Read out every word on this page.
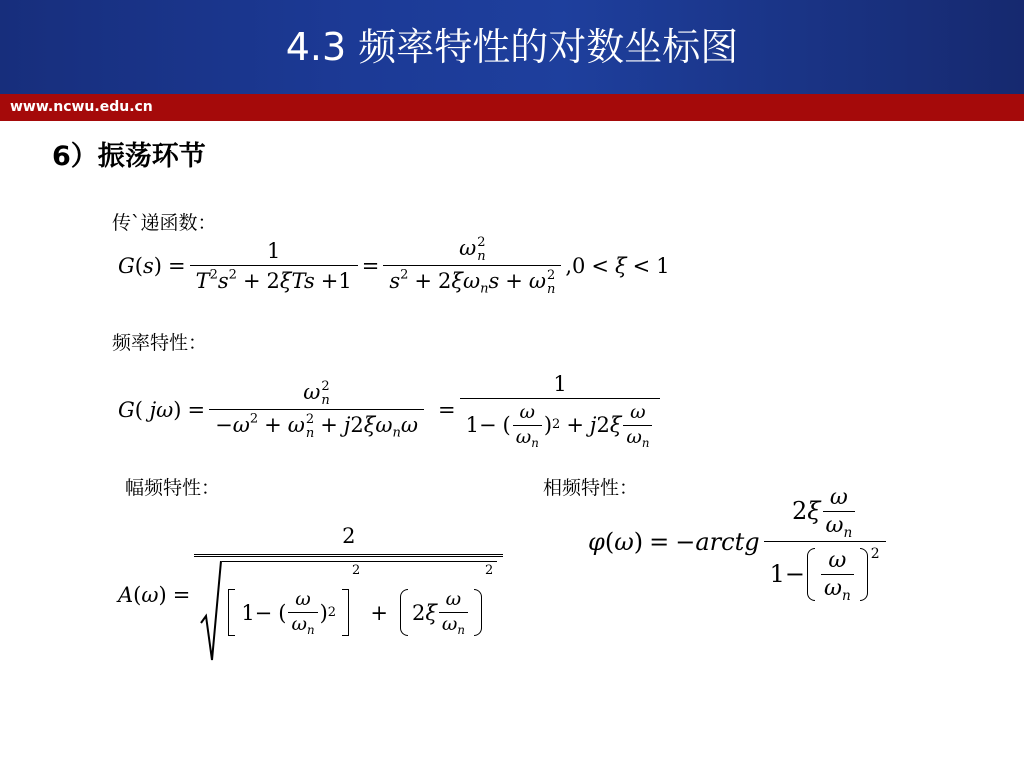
4.3 频率特性的对数坐标图
www.ncwu.edu.cn
6）振荡环节
传`递函数：
$G(s) = \frac{1}{T^2s^2 + 2\xi Ts +1} = \omega$ 2
n
$s^2 + 2\xi\omega_ns + \omega$ 2
n ,0 < ξ < 1
频率特性：
G( jω) = ω 2
n
$-\omega^2 + \omega$ 2
$n + j2\xi\omega_n\omega = \frac{1}{1- ( \frac{\omega}{\omega_n} ) 2 + j 2 \xi \frac{\omega}{\omega_n}}$
幅频特性：	相频特性：
A(ω) =
2
1− ( $\frac{\omega}{\omega_n}$ ) 2
2
+ 2 ξ $\frac{\omega}{\omega_n}$
2
φ(ω) = −arctg
2 ξ $\frac{\omega}{\omega_n}$
$1- \frac{\omega}{\omega_n} 2$
